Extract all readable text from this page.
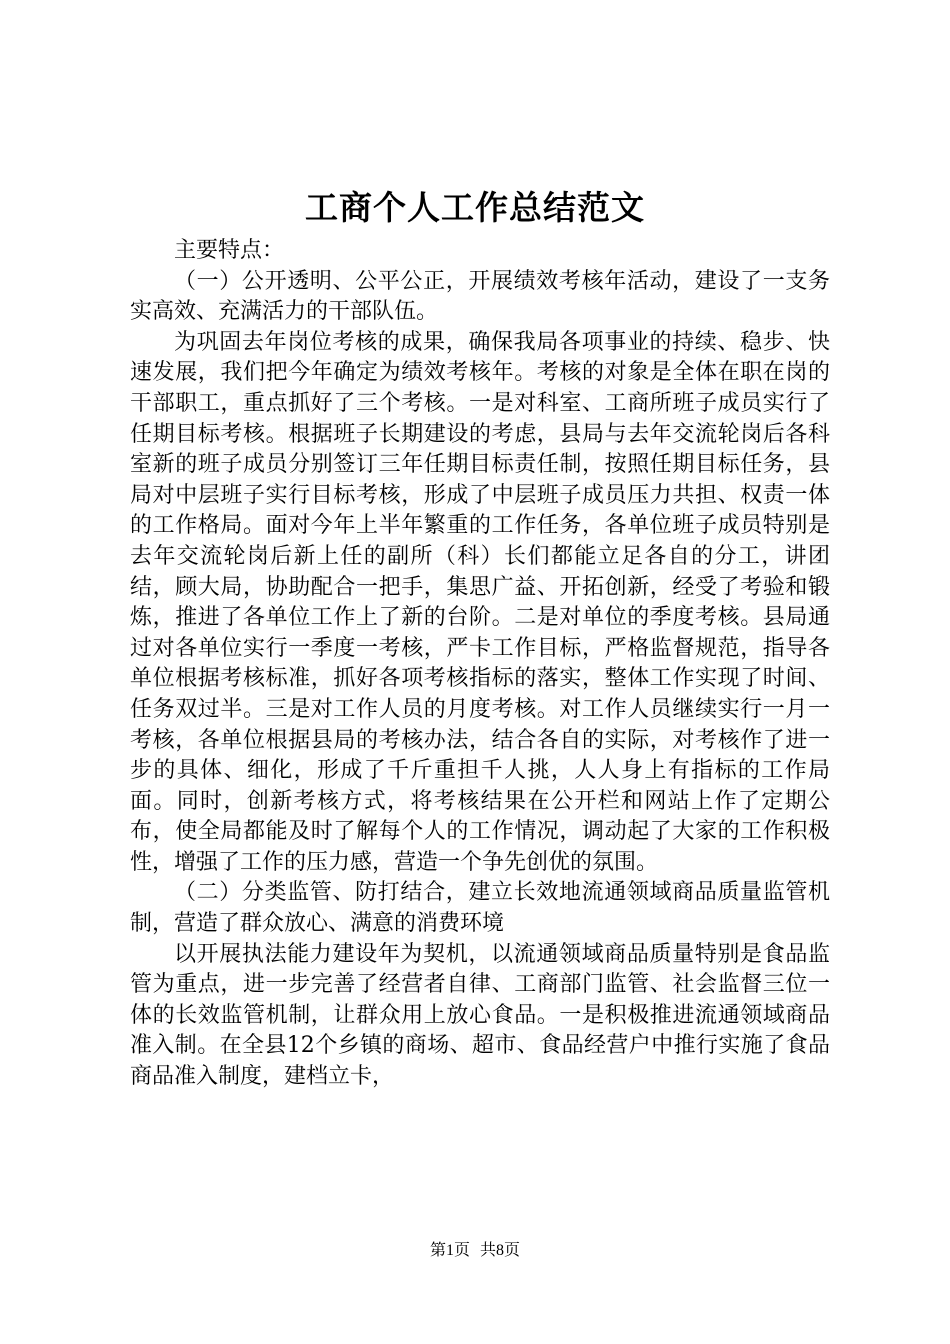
工商个人工作总结范文

主要特点：

（一）公开透明、公平公正，开展绩效考核年活动，建设了一支务实高效、充满活力的干部队伍。

为巩固去年岗位考核的成果，确保我局各项事业的持续、稳步、快速发展，我们把今年确定为绩效考核年。考核的对象是全体在职在岗的干部职工，重点抓好了三个考核。一是对科室、工商所班子成员实行了任期目标考核。根据班子长期建设的考虑，县局与去年交流轮岗后各科室新的班子成员分别签订三年任期目标责任制，按照任期目标任务，县局对中层班子实行目标考核，形成了中层班子成员压力共担、权责一体的工作格局。面对今年上半年繁重的工作任务，各单位班子成员特别是去年交流轮岗后新上任的副所（科）长们都能立足各自的分工，讲团结，顾大局，协助配合一把手，集思广益、开拓创新，经受了考验和锻炼，推进了各单位工作上了新的台阶。二是对单位的季度考核。县局通过对各单位实行一季度一考核，严卡工作目标，严格监督规范，指导各单位根据考核标准，抓好各项考核指标的落实，整体工作实现了时间、任务双过半。三是对工作人员的月度考核。对工作人员继续实行一月一考核，各单位根据县局的考核办法，结合各自的实际，对考核作了进一步的具体、细化，形成了千斤重担千人挑，人人身上有指标的工作局面。同时，创新考核方式，将考核结果在公开栏和网站上作了定期公布，使全局都能及时了解每个人的工作情况，调动起了大家的工作积极性，增强了工作的压力感，营造一个争先创优的氛围。

（二）分类监管、防打结合，建立长效地流通领域商品质量监管机制，营造了群众放心、满意的消费环境

以开展执法能力建设年为契机，以流通领域商品质量特别是食品监管为重点，进一步完善了经营者自律、工商部门监管、社会监督三位一体的长效监管机制，让群众用上放心食品。一是积极推进流通领域商品准入制。在全县12个乡镇的商场、超市、食品经营户中推行实施了食品商品准入制度，建档立卡，

第1页 共8页
